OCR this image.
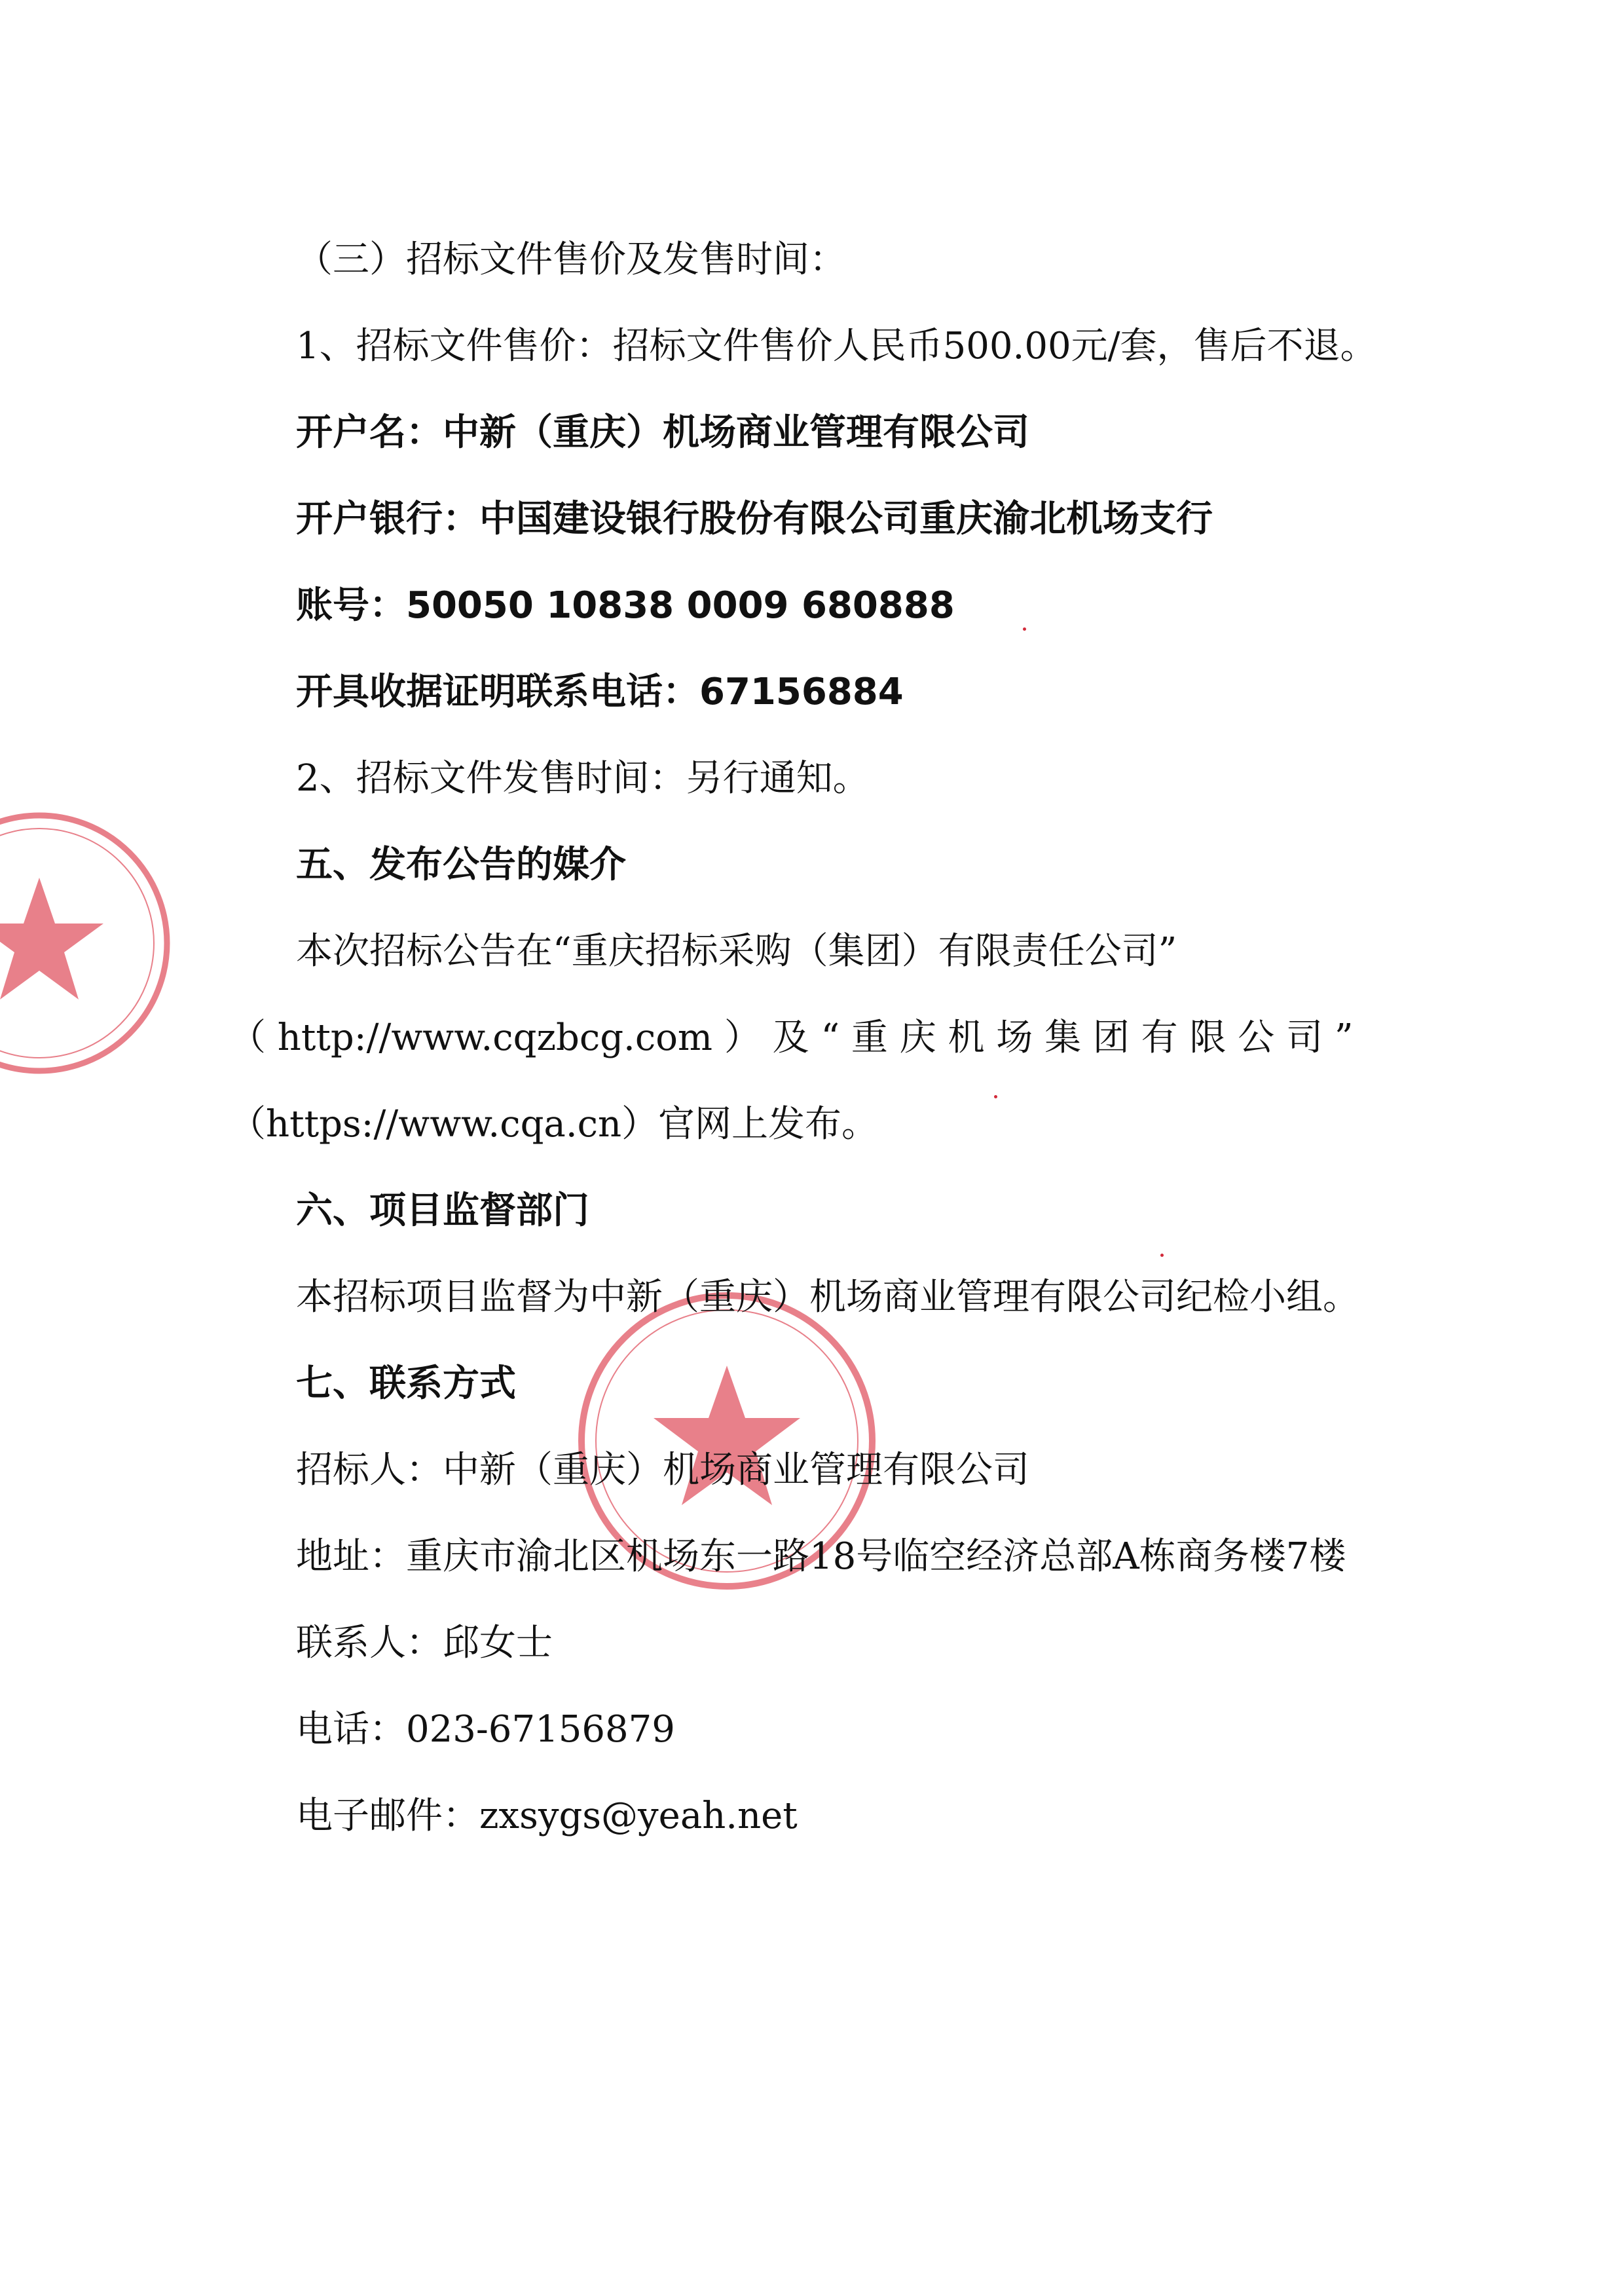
（三）招标文件售价及发售时间：
1、招标文件售价：招标文件售价人民币500.00元/套，售后不退。
开户名：中新（重庆）机场商业管理有限公司
开户银行：中国建设银行股份有限公司重庆渝北机场支行
账号：50050 10838 0009 680888
开具收据证明联系电话：67156884
2、招标文件发售时间：另行通知。
五、发布公告的媒介
本次招标公告在“重庆招标采购（集团）有限责任公司”
（ http://www.cqzbcg.com ） 及 “ 重 庆 机 场 集 团 有 限 公 司 ”
（https://www.cqa.cn）官网上发布。
六、项目监督部门
本招标项目监督为中新（重庆）机场商业管理有限公司纪检小组。
七、联系方式
招标人：中新（重庆）机场商业管理有限公司
地址：重庆市渝北区机场东一路18号临空经济总部A栋商务楼7楼
联系人：邱女士
电话：023-67156879
电子邮件：zxsygs@yeah.net
